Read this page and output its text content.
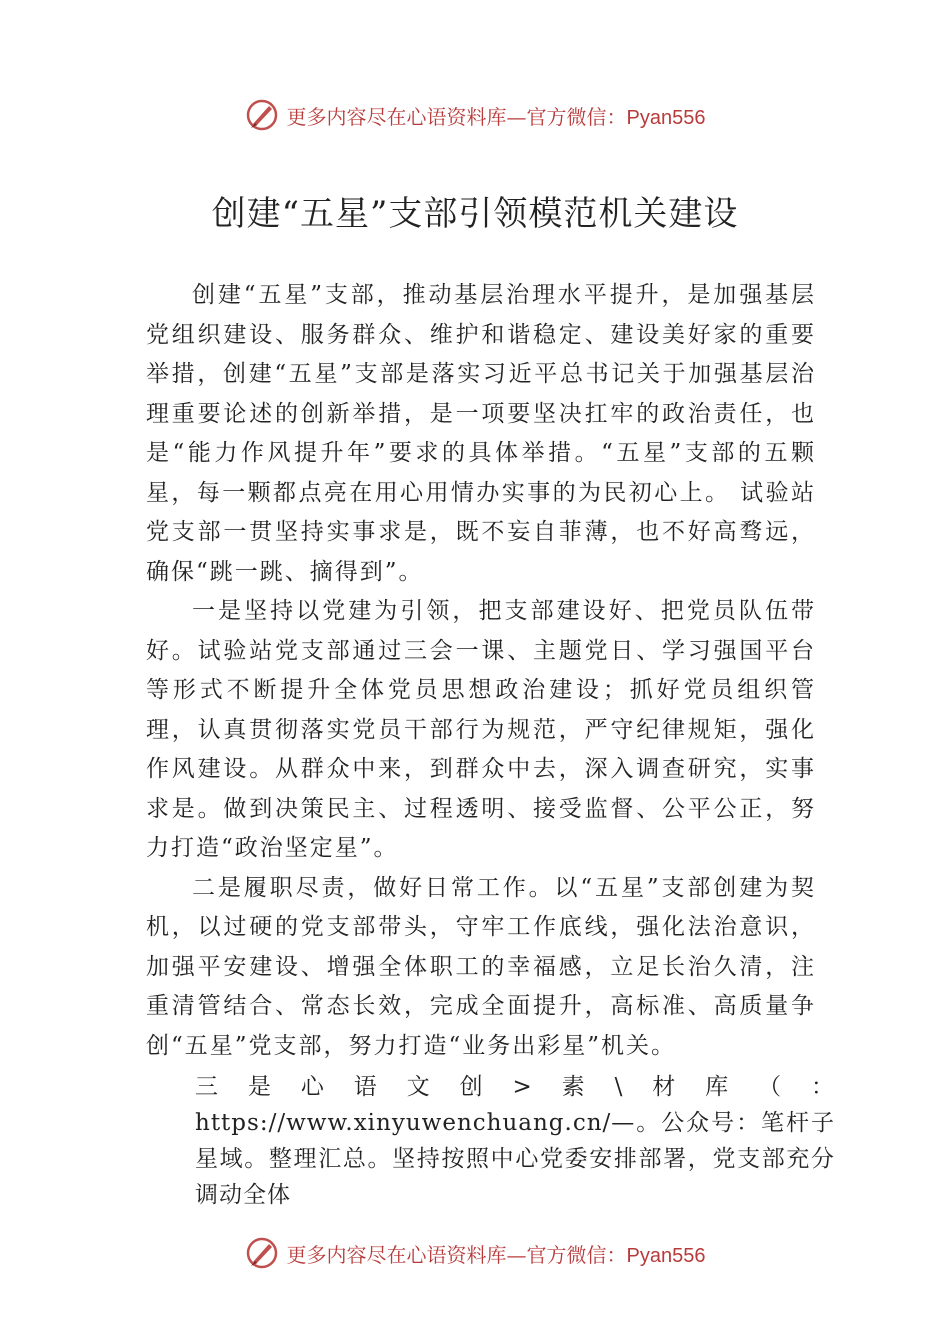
更多内容尽在心语资料库—官方微信：Pyan556
创建“五星”支部引领模范机关建设

创建“五星”支部，推动基层治理水平提升，是加强基层党组织建设、服务群众、维护和谐稳定、建设美好家⁢的重要举措，创建“五星”支部是落实习近平总书记关于加强基层治理重要论述的创新举措，是一项要坚决扛牢的政治责任，也是“能力作风提升年”要求的具体举措。“五星”支部的五颗星，每一颗都点亮在用心用情办实事的为民初心上。 试验站党支部一贯坚持实事求是，既不妄自菲薄，也不好高骛远，确保“跳一跳、摘得到”。

一是坚持以党建为引领，把支部建设好、把党员队伍带好。试验站党支部通过三会一课、主题党日、学习强国平台等形式不断提升全体党员思想政治建设；抓好党员组织管理，认真贯彻落实党员干部行为规范，严守纪律规矩，强化作风建设。从群众中来，到群众中去，深入调查研究，实事求是。做到决策民主、过程透明、接受监督、公平公正，努力打造“政治坚定星”。

二是履职尽责，做好日常工作。以“五星”支部创建为契机，以过硬的党支部带头，守牢工作底线，强化法治意识，加强平安建设、增强全体职工的幸福感，立足长治久清，注重清管结合、常态长效，完成全面提升，高标准、高质量争创“五星”党支部，努力打造“业务出彩星”机关。

三是心语文创>素\材库（：https://www.xinyuwenchuang.cn/—。公众号：笔杆子星域。整理汇总。坚持按照中心党委安排部署，党支部充分调动全体

更多内容尽在心语资料库—官方微信：Pyan556
